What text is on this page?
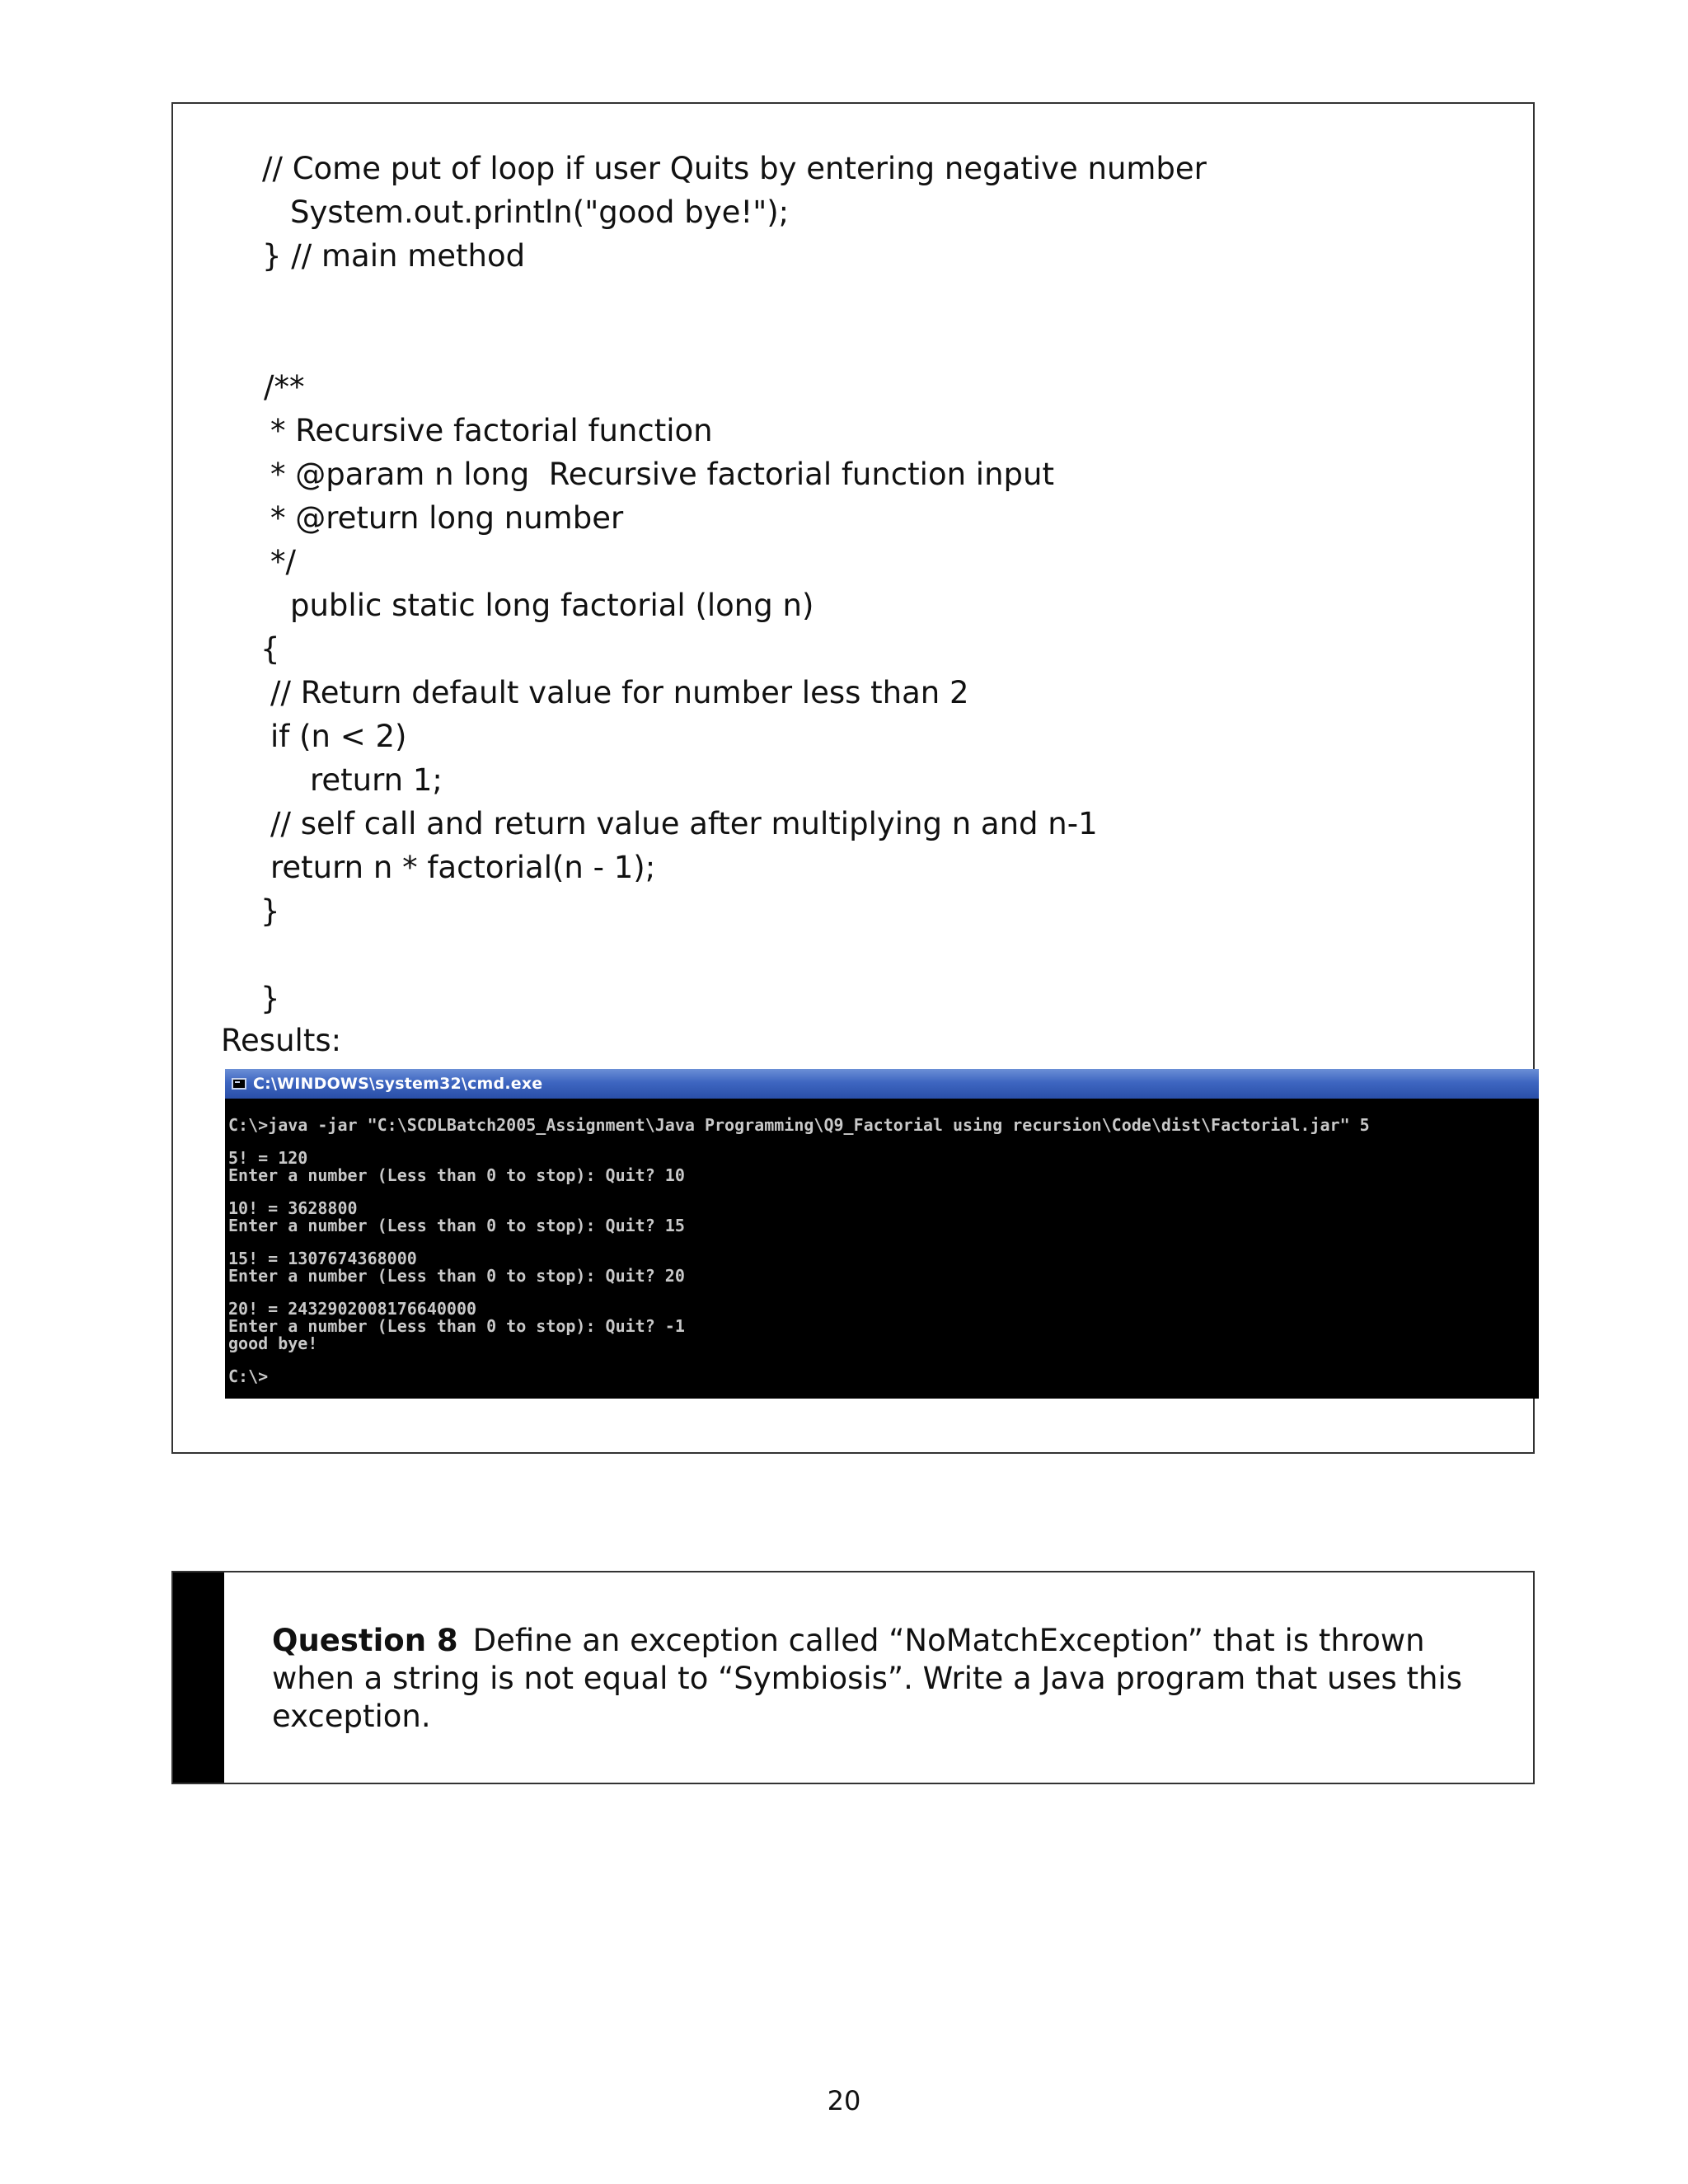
// Come put of loop if user Quits by entering negative number
System.out.println("good bye!");
} // main method
/**
* Recursive factorial function
* @param n long  Recursive factorial function input
* @return long number
*/
public static long factorial (long n)
{
// Return default value for number less than 2
if (n < 2)
return 1;
// self call and return value after multiplying n and n-1
return n * factorial(n - 1);
}
}
Results:
C:\WINDOWS\system32\cmd.exe
C:\>java -jar "C:\SCDLBatch2005_Assignment\Java Programming\Q9_Factorial using recursion\Code\dist\Factorial.jar" 5
5! = 120
Enter a number (Less than 0 to stop): Quit? 10
10! = 3628800
Enter a number (Less than 0 to stop): Quit? 15
15! = 1307674368000
Enter a number (Less than 0 to stop): Quit? 20
20! = 2432902008176640000
Enter a number (Less than 0 to stop): Quit? -1
good bye!
C:\>
Question 8 Define an exception called “NoMatchException” that is thrown when a string is not equal to “Symbiosis”. Write a Java program that uses this exception.
20
